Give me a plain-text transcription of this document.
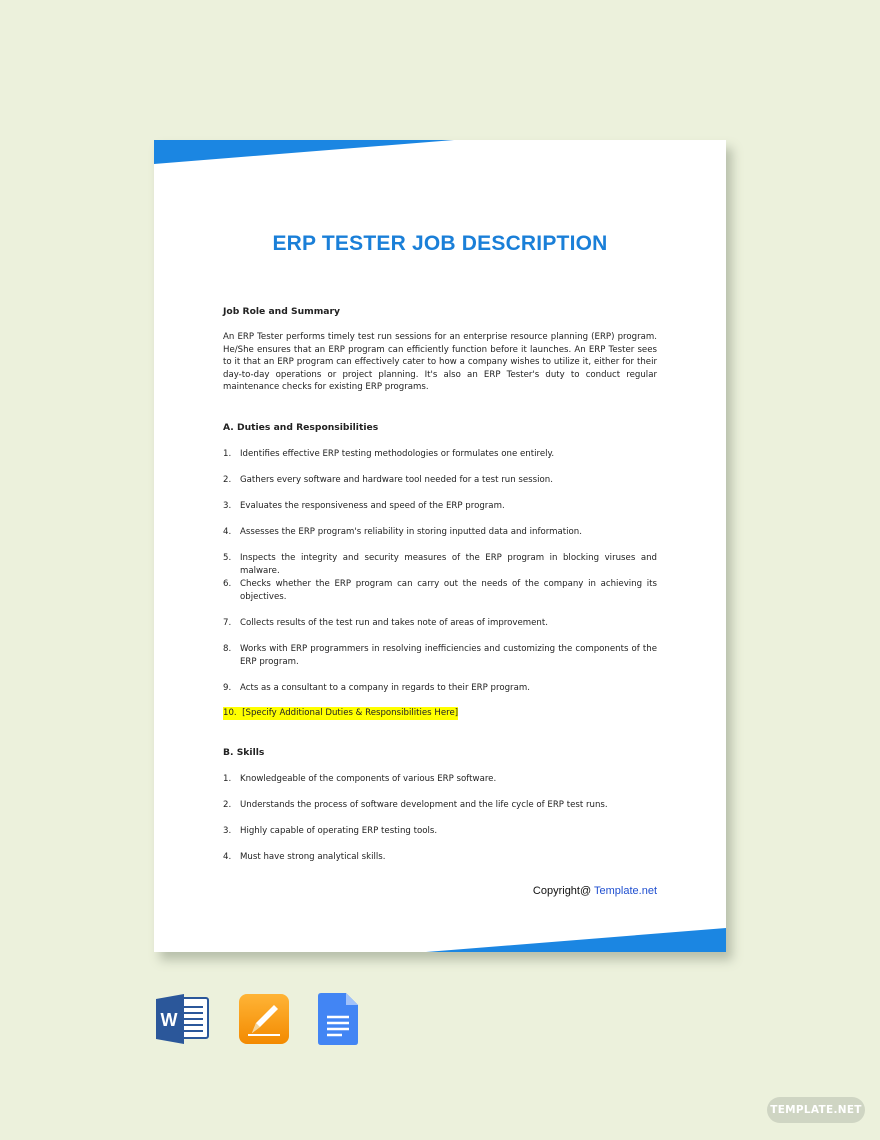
ERP TESTER JOB DESCRIPTION
Job Role and Summary
An ERP Tester performs timely test run sessions for an enterprise resource planning (ERP) program. He/She ensures that an ERP program can efficiently function before it launches. An ERP Tester sees to it that an ERP program can effectively cater to how a company wishes to utilize it, either for their day-to-day operations or project planning. It's also an ERP Tester's duty to conduct regular maintenance checks for existing ERP programs.
A. Duties and Responsibilities
1.	Identifies effective ERP testing methodologies or formulates one entirely.
2.	Gathers every software and hardware tool needed for a test run session.
3.	Evaluates the responsiveness and speed of the ERP program.
4.	Assesses the ERP program's reliability in storing inputted data and information.
5.	Inspects the integrity and security measures of the ERP program in blocking viruses and malware.
6.	Checks whether the ERP program can carry out the needs of the company in achieving its objectives.
7.	Collects results of the test run and takes note of areas of improvement.
8.	Works with ERP programmers in resolving inefficiencies and customizing the components of the ERP program.
9.	Acts as a consultant to a company in regards to their ERP program.
10. [Specify Additional Duties & Responsibilities Here]
B. Skills
1.	Knowledgeable of the components of various ERP software.
2.	Understands the process of software development and the life cycle of ERP test runs.
3.	Highly capable of operating ERP testing tools.
4.	Must have strong analytical skills.
Copyright@ Template.net
W
TEMPLATE.NET
